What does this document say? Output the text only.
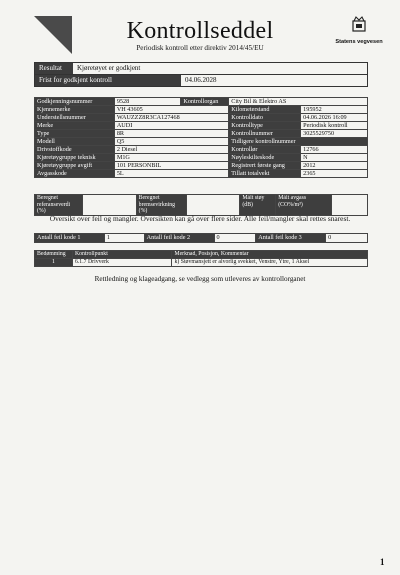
Kontrollseddel
Periodisk kontroll etter direktiv 2014/45/EU
Statens vegvesen
Resultat	Kjøretøyet er godkjent
Frist for godkjent kontroll	04.06.2028
Godkjenningsnummer	9528	Kontrollorgan	City Bil & Elektro AS	
Kjennemerke	VH 43605		Kilometerstand	195952
Understellsnummer	WAUZZZ8R3CA127468		Kontrolldato	04.06.2026 16:09
Merke	AUDI		Kontrolltype	Periodisk kontroll
Type	8R		Kontrollnummer	3025529750
Modell	Q5		Tidligere kontrollnummer	
Drivstoffkode	2 Diesel		Kontrollør	12766
Kjøretøygruppe teknisk	M1G		Nøyleskilteskode	N
Kjøretøygruppe avgift	101 PERSONBIL		Registrert første gang	2012
Avgasskode	5L		Tillatt totalvekt	2365
Beregnet referanseverdi (%)		Beregnet bremsevirkning (%)		Målt støy (dB)	Målt avgass (CO%/m³)	
Oversikt over feil og mangler. Oversikten kan gå over flere sider. Alle feil/mangler skal rettes snarest.
Antall feil kode 1	1	Antall feil kode 2	0	Antall feil kode 3	0
Bedømming	Kontrollpunkt	Merknad, Posisjon, Kommentar
1	6.1.7 Drivverk	k) Støvmansjett er alvorlig svekket, Venstre, Ytre, 1 Aksel
Rettledning og klageadgang, se vedlegg som utleveres av kontrollorganet
1
